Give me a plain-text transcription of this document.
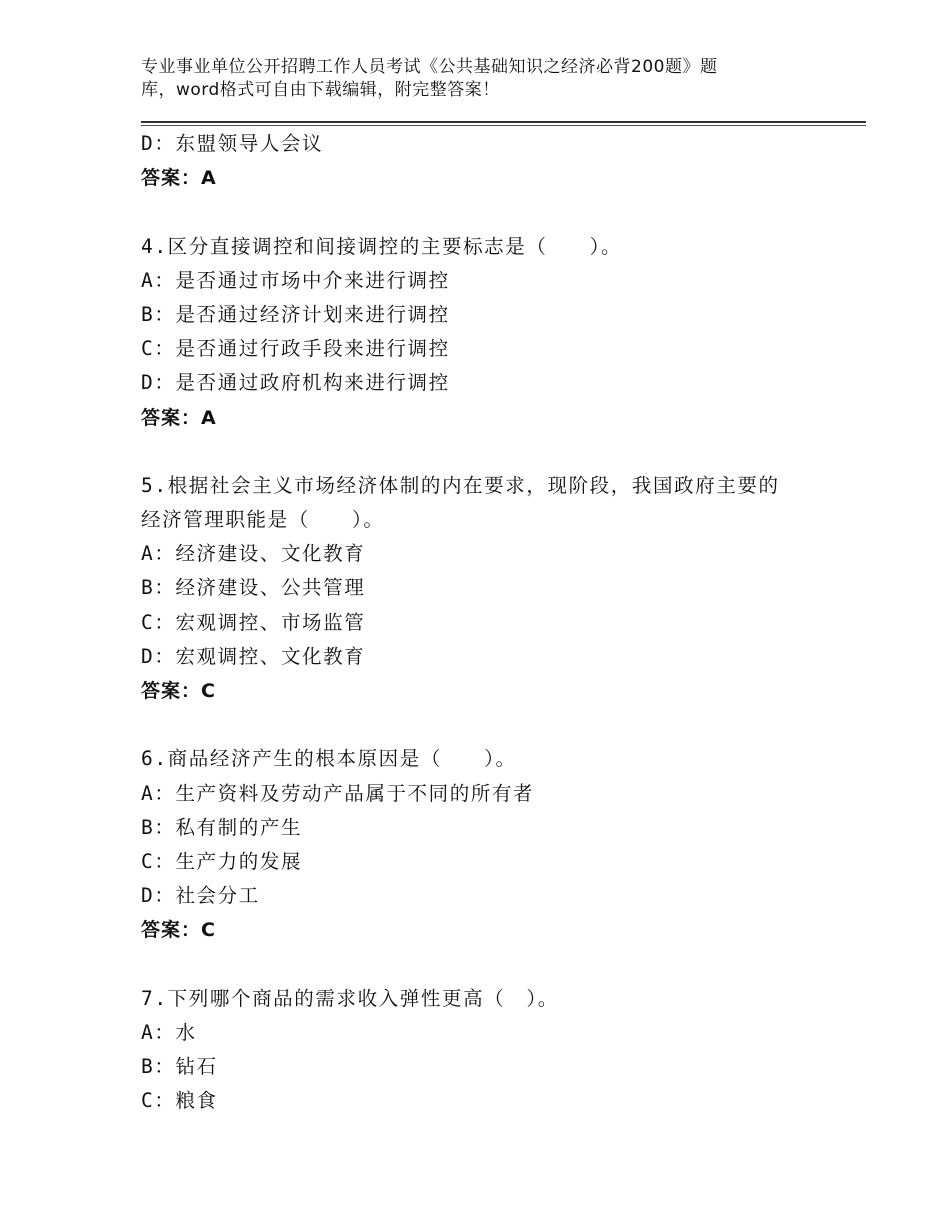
专业事业单位公开招聘工作人员考试《公共基础知识之经济必背200题》题
库，word格式可自由下载编辑，附完整答案！
D：东盟领导人会议
答案：A
4.区分直接调控和间接调控的主要标志是（　　）。
A：是否通过市场中介来进行调控
B：是否通过经济计划来进行调控
C：是否通过行政手段来进行调控
D：是否通过政府机构来进行调控
答案：A
5.根据社会主义市场经济体制的内在要求，现阶段，我国政府主要的
经济管理职能是（　　）。
A：经济建设、文化教育
B：经济建设、公共管理
C：宏观调控、市场监管
D：宏观调控、文化教育
答案：C
6.商品经济产生的根本原因是（　　）。
A：生产资料及劳动产品属于不同的所有者
B：私有制的产生
C：生产力的发展
D：社会分工
答案：C
7.下列哪个商品的需求收入弹性更高（　）。
A：水
B：钻石
C：粮食
